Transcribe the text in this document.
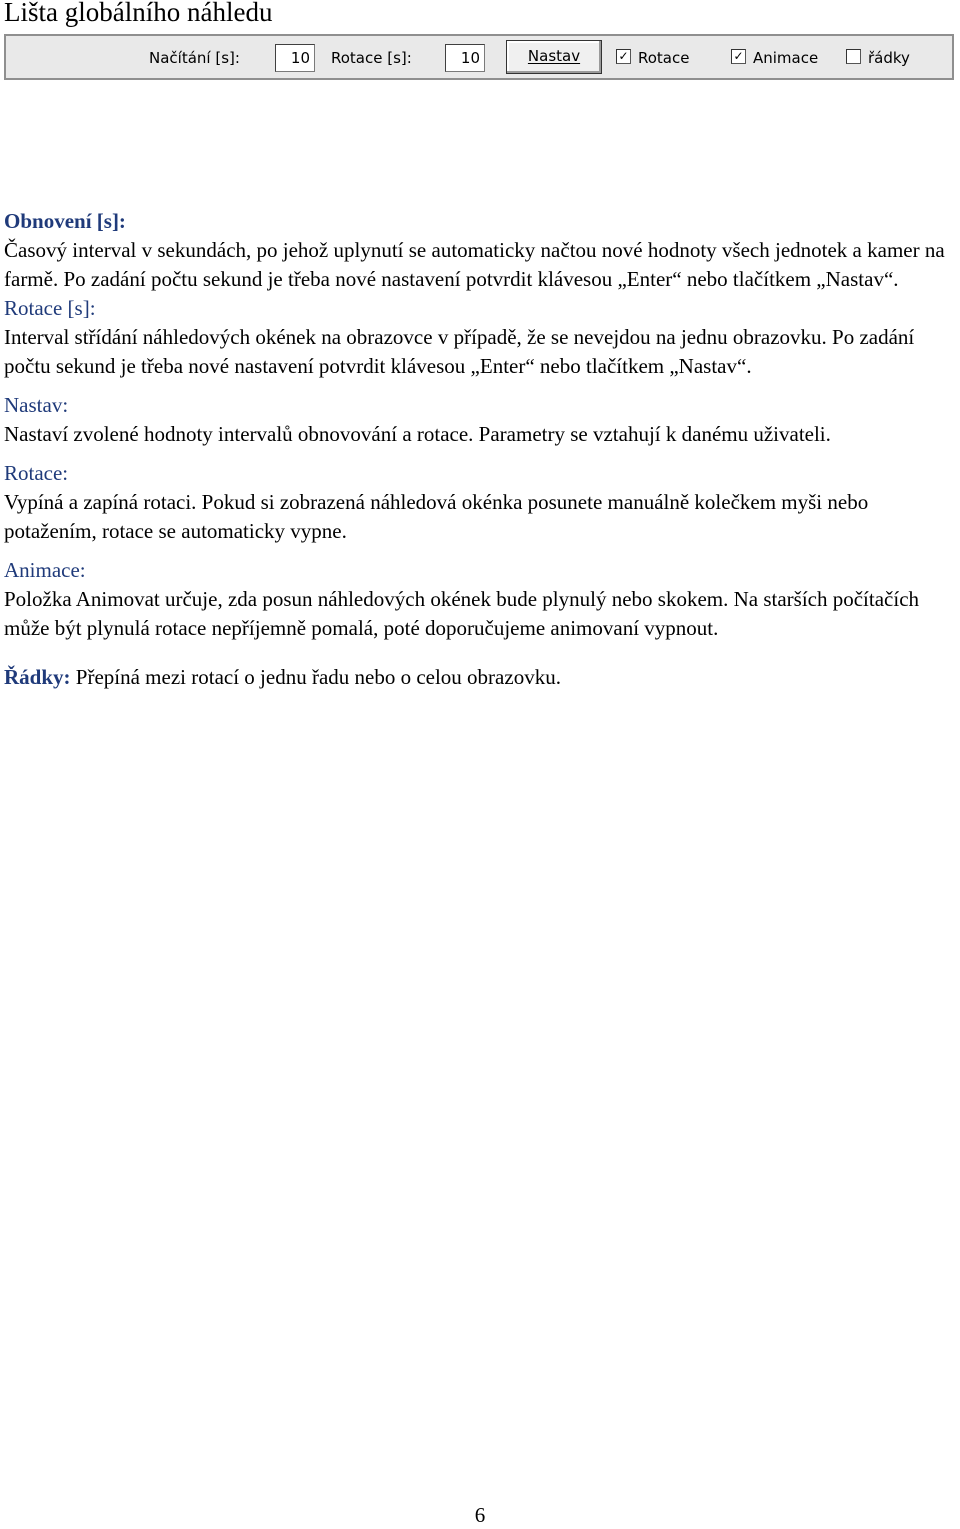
Lišta globálního náhledu
Načítání [s]:	10	Rotace [s]:	10	Nastav	✓ Rotace	✓ Animace	řádky

Obnovení [s]:

Časový interval v sekundách, po jehož uplynutí se automaticky načtou nové hodnoty všech jednotek a kamer na farmě. Po zadání počtu sekund je třeba nové nastavení potvrdit klávesou „Enter“ nebo tlačítkem „Nastav“.

Rotace [s]:

Interval střídání náhledových okének na obrazovce v případě, že se nevejdou na jednu obrazovku. Po zadání počtu sekund je třeba nové nastavení potvrdit klávesou „Enter“ nebo tlačítkem „Nastav“.

Nastav:

Nastaví zvolené hodnoty intervalů obnovování a rotace. Parametry se vztahují k danému uživateli.

Rotace:

Vypíná a zapíná rotaci. Pokud si zobrazená náhledová okénka posunete manuálně kolečkem myši nebo potažením, rotace se automaticky vypne.

Animace:

Položka Animovat určuje, zda posun náhledových okének bude plynulý nebo skokem. Na starších počítačích může být plynulá rotace nepříjemně pomalá, poté doporučujeme animovaní vypnout.

Řádky: Přepíná mezi rotací o jednu řadu nebo o celou obrazovku.

6
